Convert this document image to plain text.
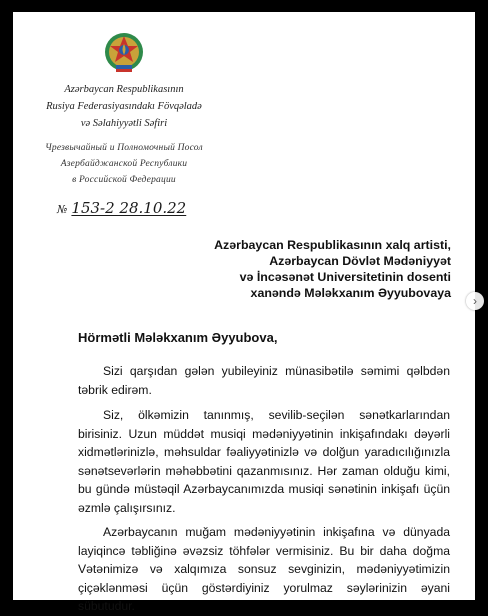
Azərbaycan Respublikasının
Rusiya Federasiyasındakı Fövqəladə
və Səlahiyyətli Səfiri
Чрезвычайный и Полномочный Посол
Азербайджанской Республики
в Российской Федерации
№ 153-2 28.10.22
Azərbaycan Respublikasının xalq artisti,
Azərbaycan Dövlət Mədəniyyət
və İncəsənət Universitetinin dosenti
xanəndə Mələkxanım Əyyubovaya
Hörmətli Mələkxanım Əyyubova,

Sizi qarşıdan gələn yubileyiniz münasibətilə səmimi qəlbdən təbrik edirəm.

Siz, ölkəmizin tanınmış, sevilib-seçilən sənətkarlarından birisiniz. Uzun müddət musiqi mədəniyyətinin inkişafındakı dəyərli xidmətlərinizlə, məhsuldar fəaliyyətinizlə və dolğun yaradıcılığınızla sənətsevərlərin məhəbbətini qazanmısınız. Hər zaman olduğu kimi, bu gündə müstəqil Azərbaycanımızda musiqi sənətinin inkişafı üçün əzmlə çalışırsınız.

Azərbaycanın muğam mədəniyyətinin inkişafına və dünyada layiqincə təbliğinə əvəzsiz töhfələr vermisiniz. Bu bir daha doğma Vətənimizə və xalqımıza sonsuz sevginizin, mədəniyyətimizin çiçəklənməsi üçün göstərdiyiniz yorulmaz səylərinizin əyani sübutudur.

›
